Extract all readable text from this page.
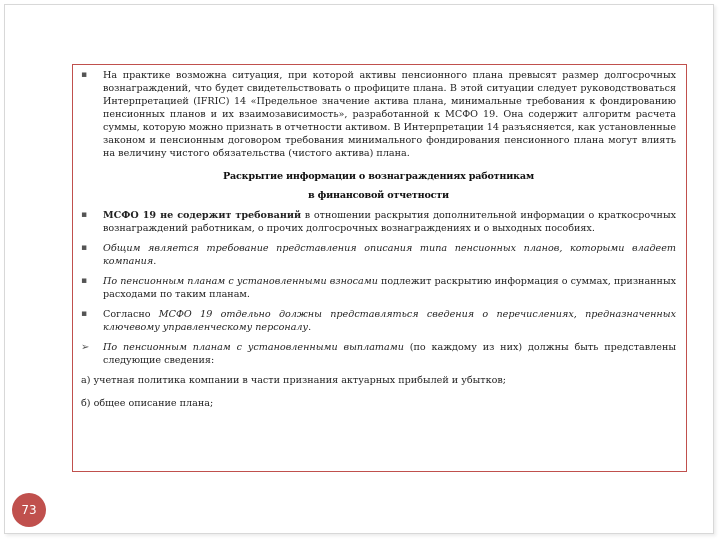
▪ На практике возможна ситуация, при которой активы пенсионного плана превысят размер долгосрочных вознаграждений, что будет свидетельствовать о профиците плана. В этой ситуации следует руководствоваться Интерпретацией (IFRIC) 14 «Предельное значение актива плана, минимальные требования к фондированию пенсионных планов и их взаимозависимость», разработанной к МСФО 19. Она содержит алгоритм расчета суммы, которую можно признать в отчетности активом. В Интерпретации 14 разъясняется, как установленные законом и пенсионным договором требования минимального фондирования пенсионного плана могут влиять на величину чистого обязательства (чистого актива) плана.
Раскрытие информации о вознаграждениях работникам
в финансовой отчетности
▪ МСФО 19 не содержит требований в отношении раскрытия дополнительной информации о краткосрочных вознаграждений работникам, о прочих долгосрочных вознаграждениях и о выходных пособиях.
▪ Общим является требование представления описания типа пенсионных планов, которыми владеет компания.
▪ По пенсионным планам с установленными взносами подлежит раскрытию информация о суммах, признанных расходами по таким планам.
▪ Согласно МСФО 19 отдельно должны представляться сведения о перечислениях, предназначенных ключевому управленческому персоналу.
➢ По пенсионным планам с установленными выплатами (по каждому из них) должны быть представлены следующие сведения:
а) учетная политика компании в части признания актуарных прибылей и убытков;
б) общее описание плана;
73
